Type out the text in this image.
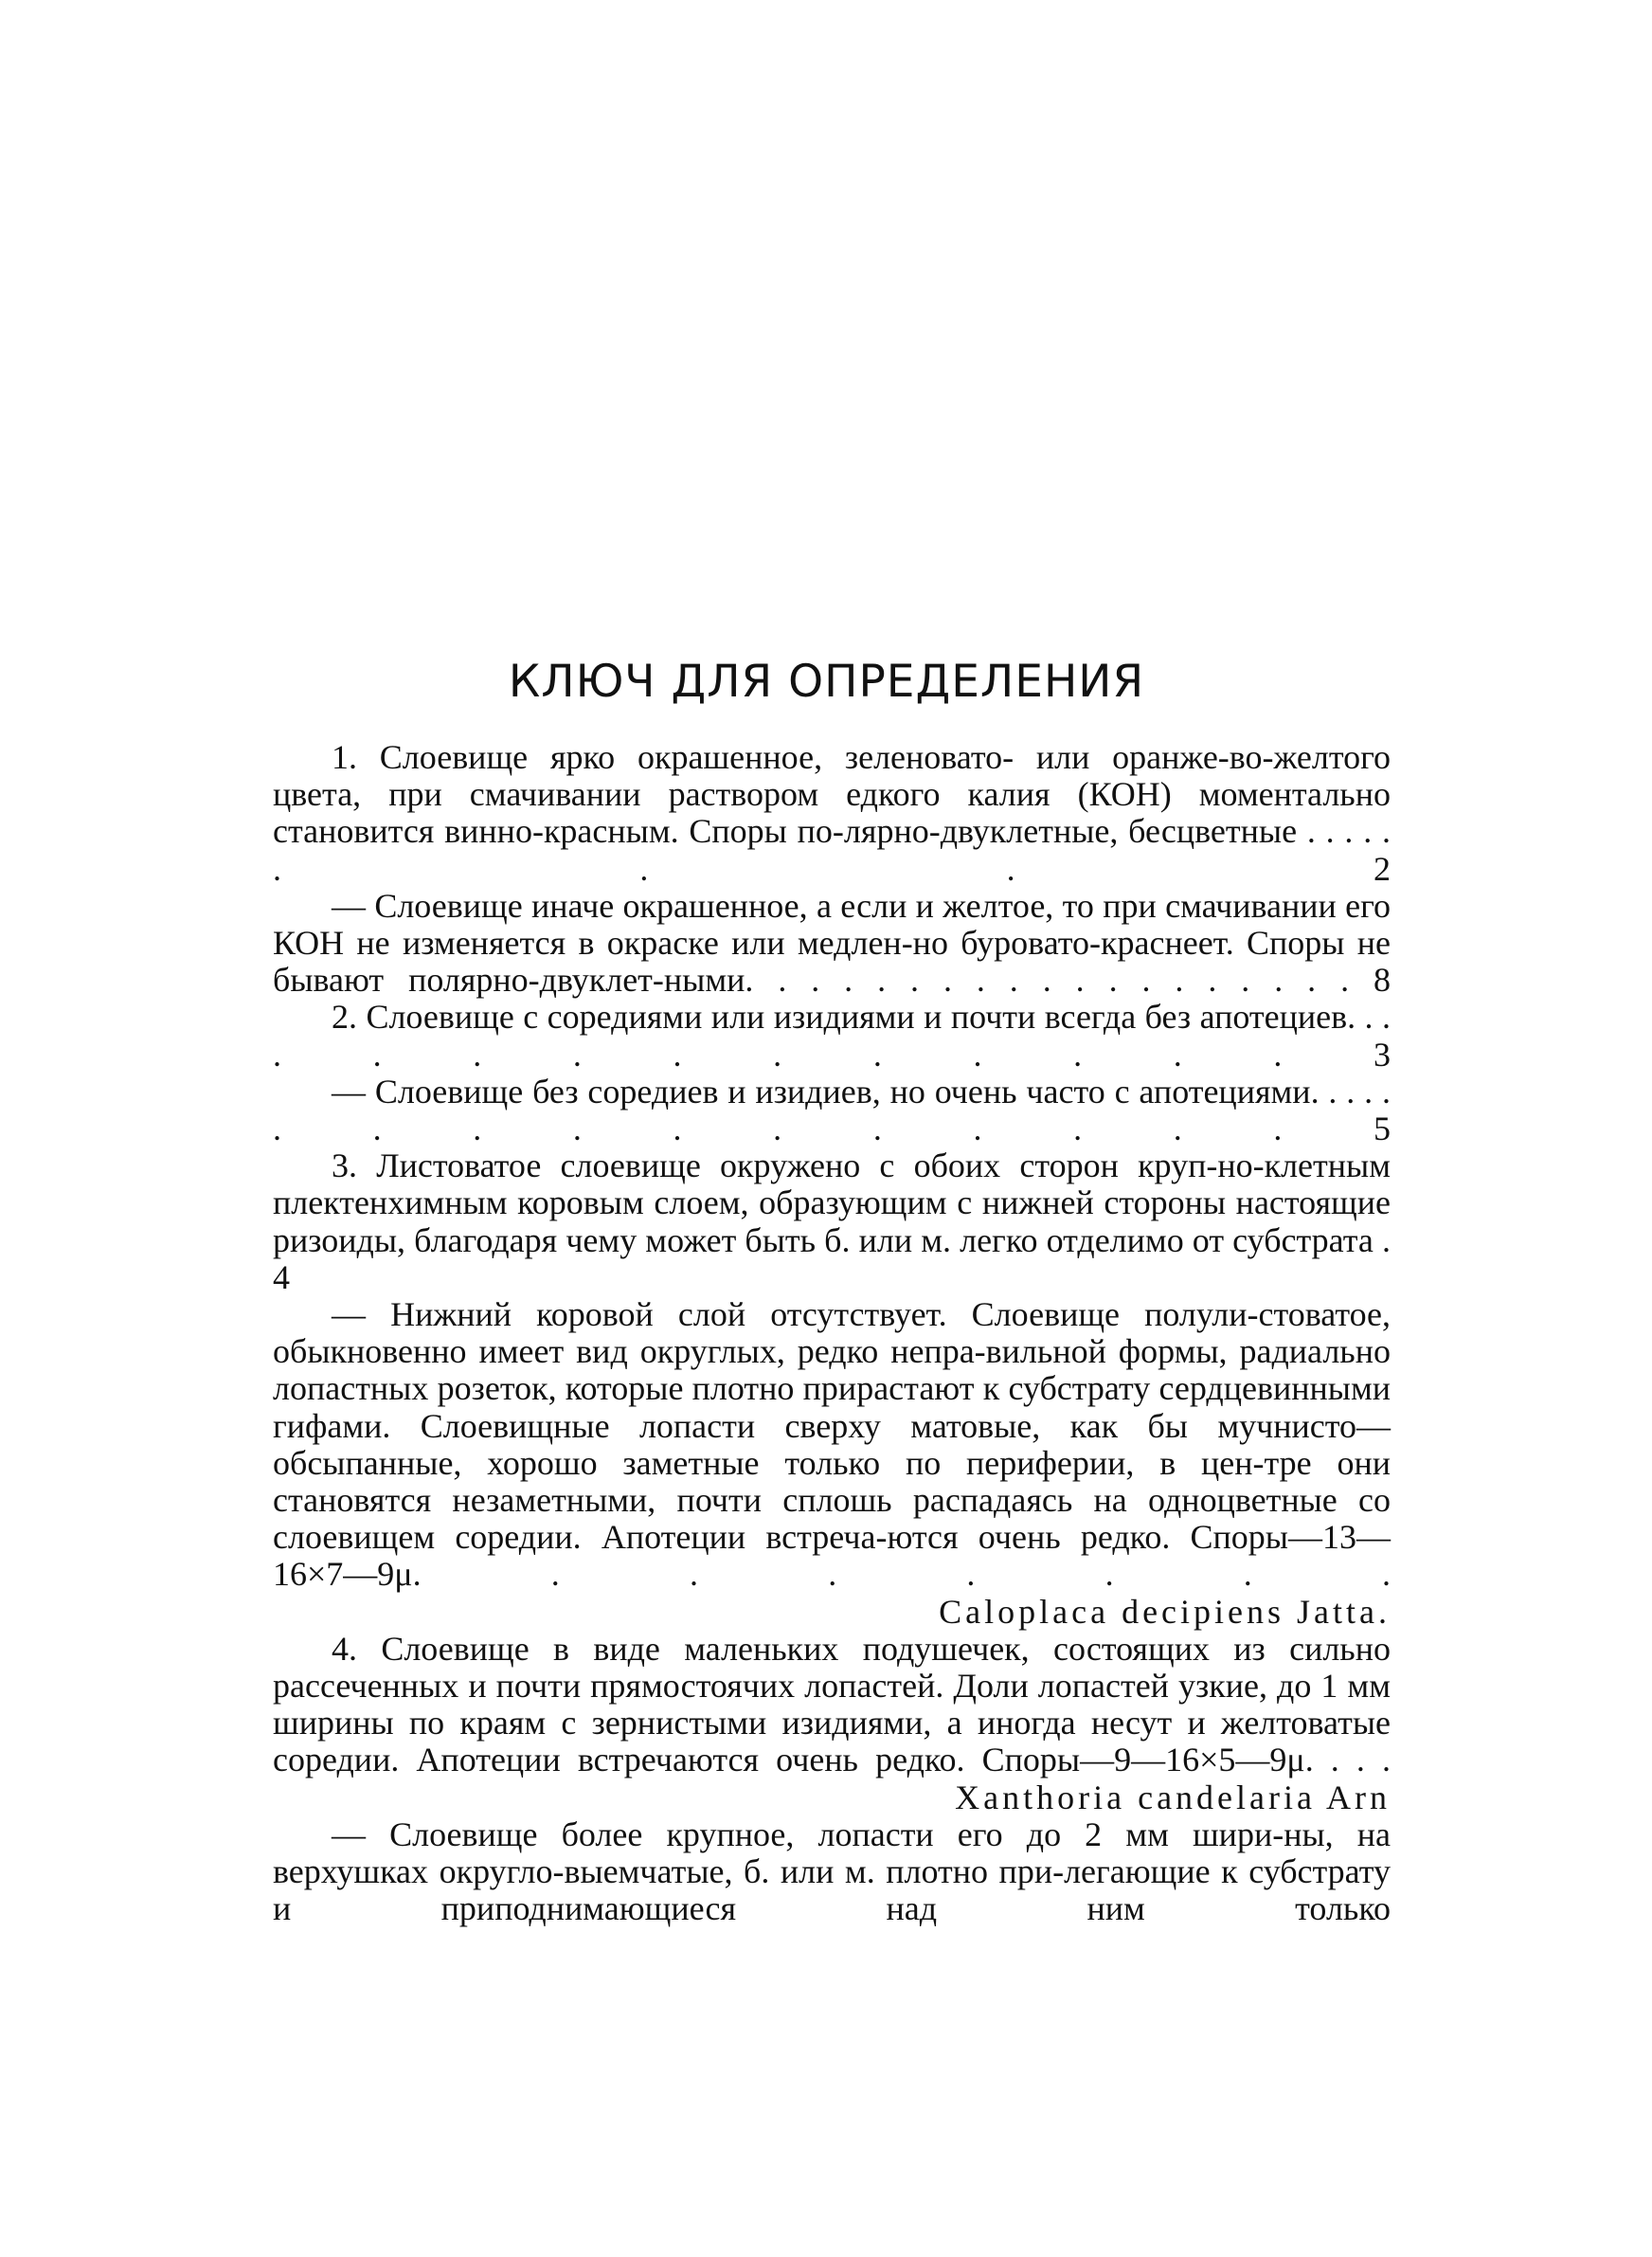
КЛЮЧ ДЛЯ ОПРЕДЕЛЕНИЯ

1. Слоевище ярко окрашенное, зеленовато- или оранже-во-желтого цвета, при смачивании раствором едкого калия (КОН) моментально становится винно-красным. Споры по-лярно-двуклетные, бесцветные . . . . . . . . 2

— Слоевище иначе окрашенное, а если и желтое, то при смачивании его КОН не изменяется в окраске или медлен-но буровато-краснеет. Споры не бывают полярно-двуклет-ными. . . . . . . . . . . . . . . . . . . 8

2. Слоевище с соредиями или изидиями и почти всегда без апотециев. . . . . . . . . . . . . . 3

— Слоевище без соредиев и изидиев, но очень часто с апотециями. . . . . . . . . . . . . . . . 5

3. Листоватое слоевище окружено с обоих сторон круп-но-клетным плектенхимным коровым слоем, образующим с нижней стороны настоящие ризоиды, благодаря чему может быть б. или м. легко отделимо от субстрата . 4

— Нижний коровой слой отсутствует. Слоевище полули-стоватое, обыкновенно имеет вид округлых, редко непра-вильной формы, радиально лопастных розеток, которые плотно прирастают к субстрату сердцевинными гифами. Слоевищные лопасти сверху матовые, как бы мучнисто—обсыпанные, хорошо заметные только по периферии, в цен-тре они становятся незаметными, почти сплошь распадаясь на одноцветные со слоевищем соредии. Апотеции встреча-ются очень редко. Споры—13—16×7—9μ. . . . . . . .

Caloplaca decipiens Jatta.

4. Слоевище в виде маленьких подушечек, состоящих из сильно рассеченных и почти прямостоячих лопастей. Доли лопастей узкие, до 1 мм ширины по краям с зернистыми изидиями, а иногда несут и желтоватые соредии. Апотеции встречаются очень редко. Споры—9—16×5—9μ. . . .

Xanthoria candelaria Arn

— Слоевище более крупное, лопасти его до 2 мм шири-ны, на верхушках округло-выемчатые, б. или м. плотно при-легающие к субстрату и приподнимающиеся над ним только
